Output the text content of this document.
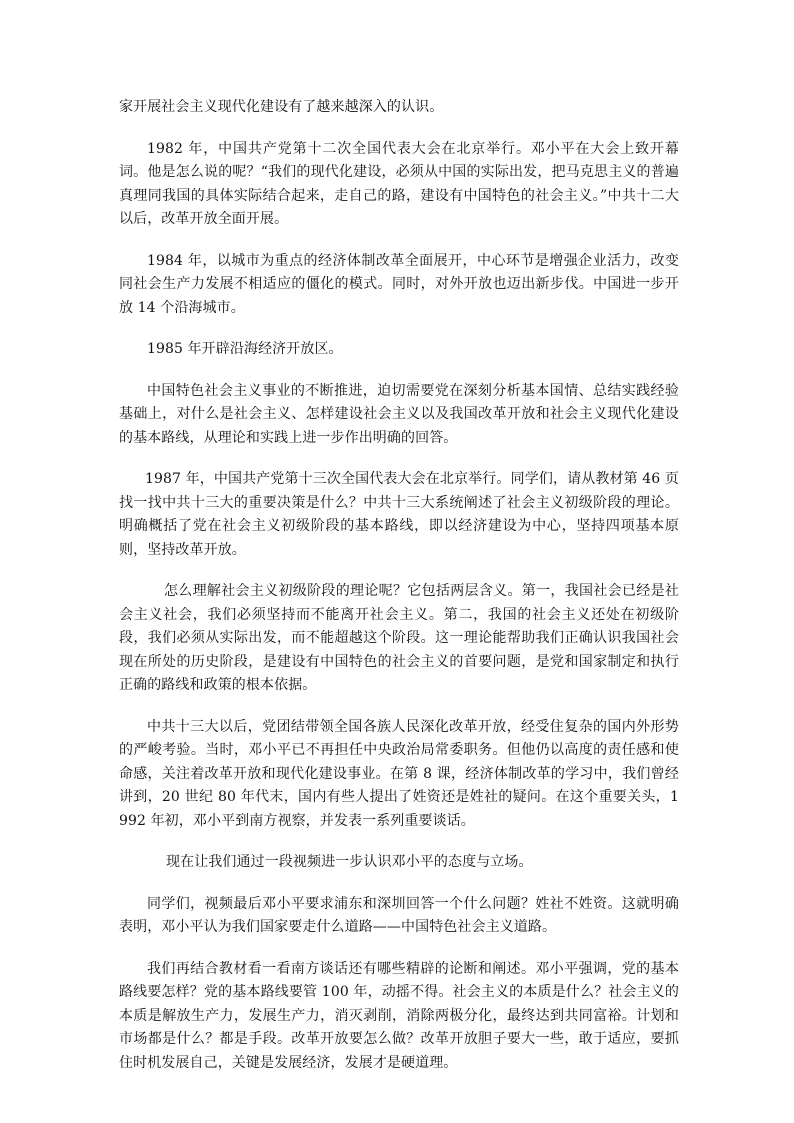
家开展社会主义现代化建设有了越来越深入的认识。

1982 年，中国共产党第十二次全国代表大会在北京举行。邓小平在大会上致开幕词。他是怎么说的呢？“我们的现代化建设，必须从中国的实际出发，把马克思主义的普遍真理同我国的具体实际结合起来，走自己的路，建设有中国特色的社会主义。”中共十二大以后，改革开放全面开展。

1984 年，以城市为重点的经济体制改革全面展开，中心环节是增强企业活力，改变同社会生产力发展不相适应的僵化的模式。同时，对外开放也迈出新步伐。中国进一步开放 14 个沿海城市。

1985 年开辟沿海经济开放区。

中国特色社会主义事业的不断推进，迫切需要党在深刻分析基本国情、总结实践经验基础上，对什么是社会主义、怎样建设社会主义以及我国改革开放和社会主义现代化建设的基本路线，从理论和实践上进一步作出明确的回答。

1987 年，中国共产党第十三次全国代表大会在北京举行。同学们，请从教材第 46 页找一找中共十三大的重要决策是什么？中共十三大系统阐述了社会主义初级阶段的理论。明确概括了党在社会主义初级阶段的基本路线，即以经济建设为中心，坚持四项基本原则，坚持改革开放。

怎么理解社会主义初级阶段的理论呢？它包括两层含义。第一，我国社会已经是社会主义社会，我们必须坚持而不能离开社会主义。第二，我国的社会主义还处在初级阶段，我们必须从实际出发，而不能超越这个阶段。这一理论能帮助我们正确认识我国社会现在所处的历史阶段，是建设有中国特色的社会主义的首要问题，是党和国家制定和执行正确的路线和政策的根本依据。

中共十三大以后，党团结带领全国各族人民深化改革开放，经受住复杂的国内外形势的严峻考验。当时，邓小平已不再担任中央政治局常委职务。但他仍以高度的责任感和使命感，关注着改革开放和现代化建设事业。在第 8 课，经济体制改革的学习中，我们曾经讲到，20 世纪 80 年代末，国内有些人提出了姓资还是姓社的疑问。在这个重要关头，1992 年初，邓小平到南方视察，并发表一系列重要谈话。

现在让我们通过一段视频进一步认识邓小平的态度与立场。

同学们，视频最后邓小平要求浦东和深圳回答一个什么问题？姓社不姓资。这就明确表明，邓小平认为我们国家要走什么道路——中国特色社会主义道路。

我们再结合教材看一看南方谈话还有哪些精辟的论断和阐述。邓小平强调，党的基本路线要怎样？党的基本路线要管 100 年，动摇不得。社会主义的本质是什么？社会主义的本质是解放生产力，发展生产力，消灭剥削，消除两极分化，最终达到共同富裕。计划和市场都是什么？都是手段。改革开放要怎么做？改革开放胆子要大一些，敢于适应，要抓住时机发展自己，关键是发展经济，发展才是硬道理。
